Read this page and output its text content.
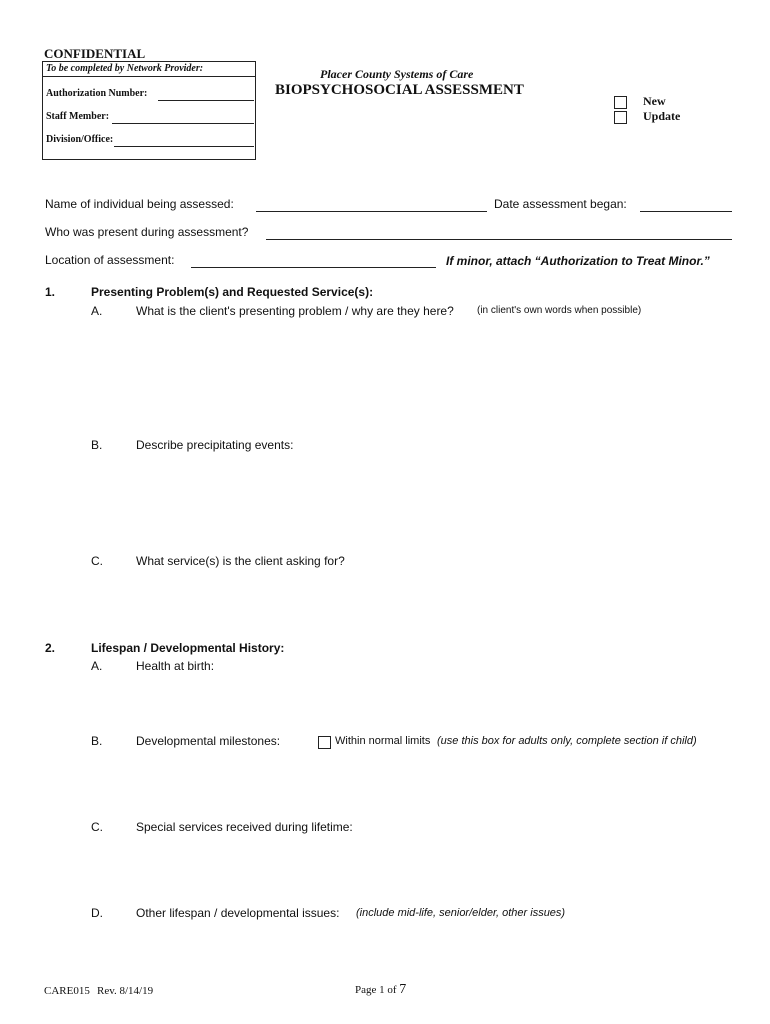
CONFIDENTIAL
To be completed by Network Provider:
Authorization Number:
Staff Member:
Division/Office:
Placer County Systems of Care
BIOPSYCHOSOCIAL ASSESSMENT
New
Update
Name of individual being assessed:	Date assessment began:
Who was present during assessment?
Location of assessment:	If minor, attach “Authorization to Treat Minor.”
1.	Presenting Problem(s) and Requested Service(s):
A.	What is the client's presenting problem / why are they here? (in client's own words when possible)
B.	Describe precipitating events:
C.	What service(s) is the client asking for?
2.	Lifespan / Developmental History:
A.	Health at birth:
B.	Developmental milestones:	Within normal limits (use this box for adults only, complete section if child)
C.	Special services received during lifetime:
D.	Other lifespan / developmental issues: (include mid-life, senior/elder, other issues)
CARE015 Rev. 8/14/19	Page 1 of 7
